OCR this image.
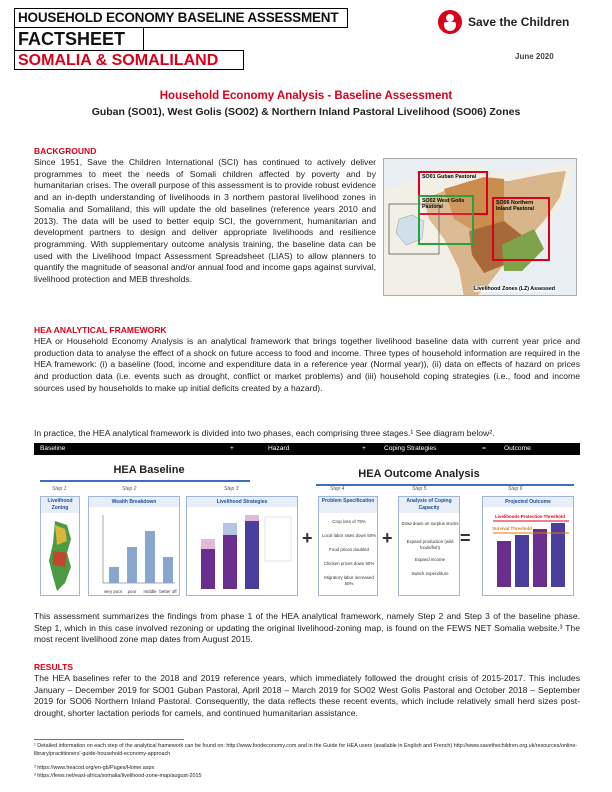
HOUSEHOLD ECONOMY BASELINE ASSESSMENT
FACTSHEET
SOMALIA & SOMALILAND
Save the Children
June 2020
Household Economy Analysis - Baseline Assessment
Guban (SO01), West Golis (SO02) & Northern Inland Pastoral Livelihood (SO06) Zones
BACKGROUND
Since 1951, Save the Children International (SCI) has continued to actively deliver programmes to meet the needs of Somali children affected by poverty and by humanitarian crises. The overall purpose of this assessment is to provide robust evidence and an in-depth understanding of livelihoods in 3 northern pastoral livelihood zones in Somalia and Somaliland, this will update the old baselines (reference years 2010 and 2013). The data will be used to better equip SCI, the government, humanitarian and development partners to design and deliver appropriate livelihoods and resilience programming. With supplementary outcome analysis training, the baseline data can be used with the Livelihood Impact Assessment Spreadsheet (LIAS) to allow planners to quantify the magnitude of seasonal and/or annual food and income gaps against survival, livelihood protection and MEB thresholds.
SO01 Guban Pastoral
SO02 West Golis Pastoral
SO06 Northern Inland Pastoral
Livelihood Zones (LZ) Assessed
HEA ANALYTICAL FRAMEWORK
HEA or Household Economy Analysis is an analytical framework that brings together livelihood baseline data with current year price and production data to analyse the effect of a shock on future access to food and income. Three types of household information are required in the HEA framework: (i) a baseline (food, income and expenditure data in a reference year (Normal year)), (ii) data on effects of hazard on prices and production data (i.e. events such as drought, conflict or market problems) and (iii) household coping strategies (i.e., food and income sources used by households to make up initial deficits created by a hazard).
In practice, the HEA analytical framework is divided into two phases, each comprising three stages.¹ See diagram below².
Baseline	+	Hazard	+	Coping Strategies	=	Outcome
HEA Baseline	HEA Outcome Analysis
Step 1	Step 2	Step 3	Step 4	Step 5	Step 6
Livelihood Zoning
Wealth Breakdown
very poor	poor	middle better off
Livelihood Strategies
+
Problem Specification
Crop loss of 75%
Local labor rates down 50%
Food prices doubled
Chicken prices down 50%
Migratory labor increased 50%
+
Analysis of Coping Capacity
Draw down on surplus stocks
Expand production (wild foods/fish)
Expand income
Switch expenditure
=
Projected Outcome
Livelihoods Protection Threshold
Survival Threshold
This assessment summarizes the findings from phase 1 of the HEA analytical framework, namely Step 2 and Step 3 of the baseline phase. Step 1, which in this case involved rezoning or updating the original livelihood-zoning map, is found on the FEWS NET Somalia website.³ The most recent livelihood zone map dates from August 2015.
RESULTS
The HEA baselines refer to the 2018 and 2019 reference years, which immediately followed the drought crisis of 2015-2017. This includes January – December 2019 for SO01 Guban Pastoral, April 2018 – March 2019 for SO02 West Golis Pastoral and October 2018 – September 2019 for SO06 Northern Inland Pastoral. Consequently, the data reflects these recent events, which include relatively small herd sizes post-drought, shorter lactation periods for camels, and continued humanitarian assistance.
¹ Detailed information on each step of the analytical framework can be found on: http://www.foodeconomy.com and in the Guide for HEA users (available in English and French) http://www.savethechildren.org.uk/resources/online-library/practitioners'-guide-household-economy-approach
² https://www.heacod.org/en-gb/Pages/Home.aspx
³ https://fews.net/east-africa/somalia/livelihood-zone-map/august-2015
